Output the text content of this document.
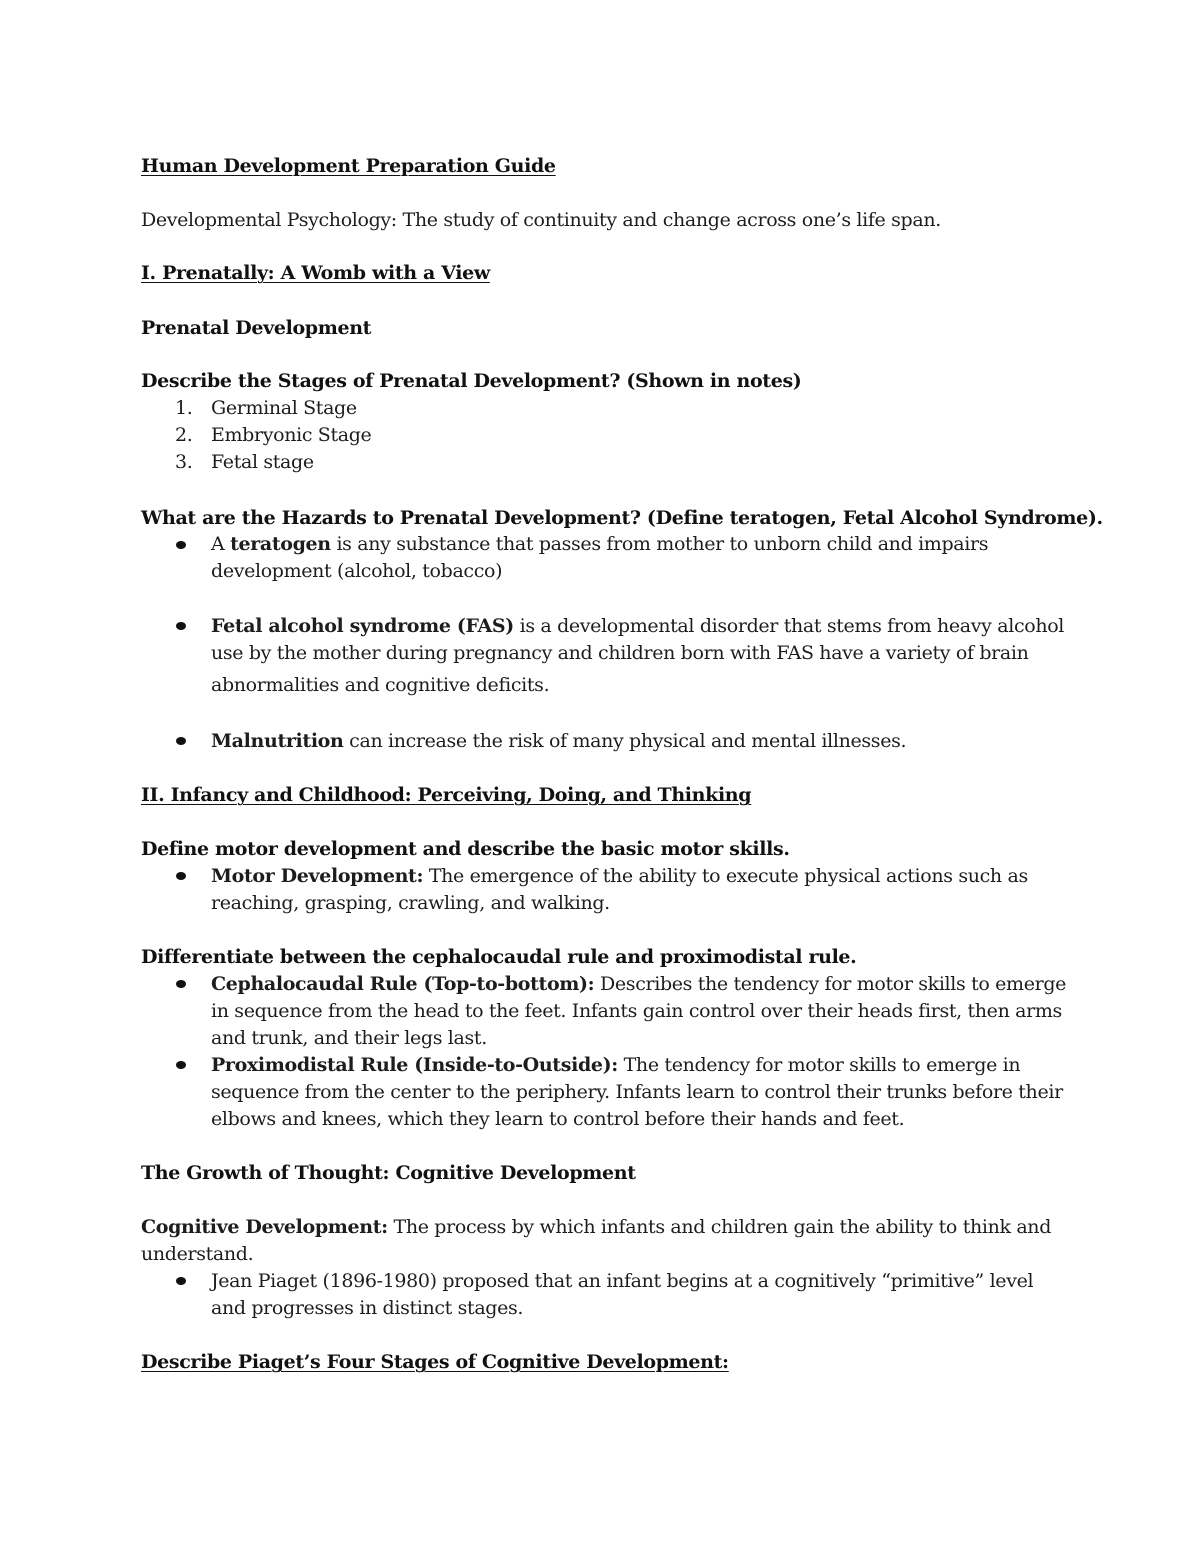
Human Development Preparation Guide
Developmental Psychology: The study of continuity and change across one’s life span.
I. Prenatally: A Womb with a View
Prenatal Development
Describe the Stages of Prenatal Development? (Shown in notes)
1. Germinal Stage
2. Embryonic Stage
3. Fetal stage
What are the Hazards to Prenatal Development? (Define teratogen, Fetal Alcohol Syndrome).
A teratogen is any substance that passes from mother to unborn child and impairs
development (alcohol, tobacco)
Fetal alcohol syndrome (FAS) is a developmental disorder that stems from heavy alcohol
use by the mother during pregnancy and children born with FAS have a variety of brain
abnormalities and cognitive deficits.
Malnutrition can increase the risk of many physical and mental illnesses.
II. Infancy and Childhood: Perceiving, Doing, and Thinking
Define motor development and describe the basic motor skills.
Motor Development: The emergence of the ability to execute physical actions such as
reaching, grasping, crawling, and walking.
Differentiate between the cephalocaudal rule and proximodistal rule.
Cephalocaudal Rule (Top-to-bottom): Describes the tendency for motor skills to emerge
in sequence from the head to the feet. Infants gain control over their heads first, then arms
and trunk, and their legs last.
Proximodistal Rule (Inside-to-Outside): The tendency for motor skills to emerge in
sequence from the center to the periphery. Infants learn to control their trunks before their
elbows and knees, which they learn to control before their hands and feet.
The Growth of Thought: Cognitive Development
Cognitive Development: The process by which infants and children gain the ability to think and
understand.
Jean Piaget (1896-1980) proposed that an infant begins at a cognitively “primitive” level
and progresses in distinct stages.
Describe Piaget’s Four Stages of Cognitive Development:
